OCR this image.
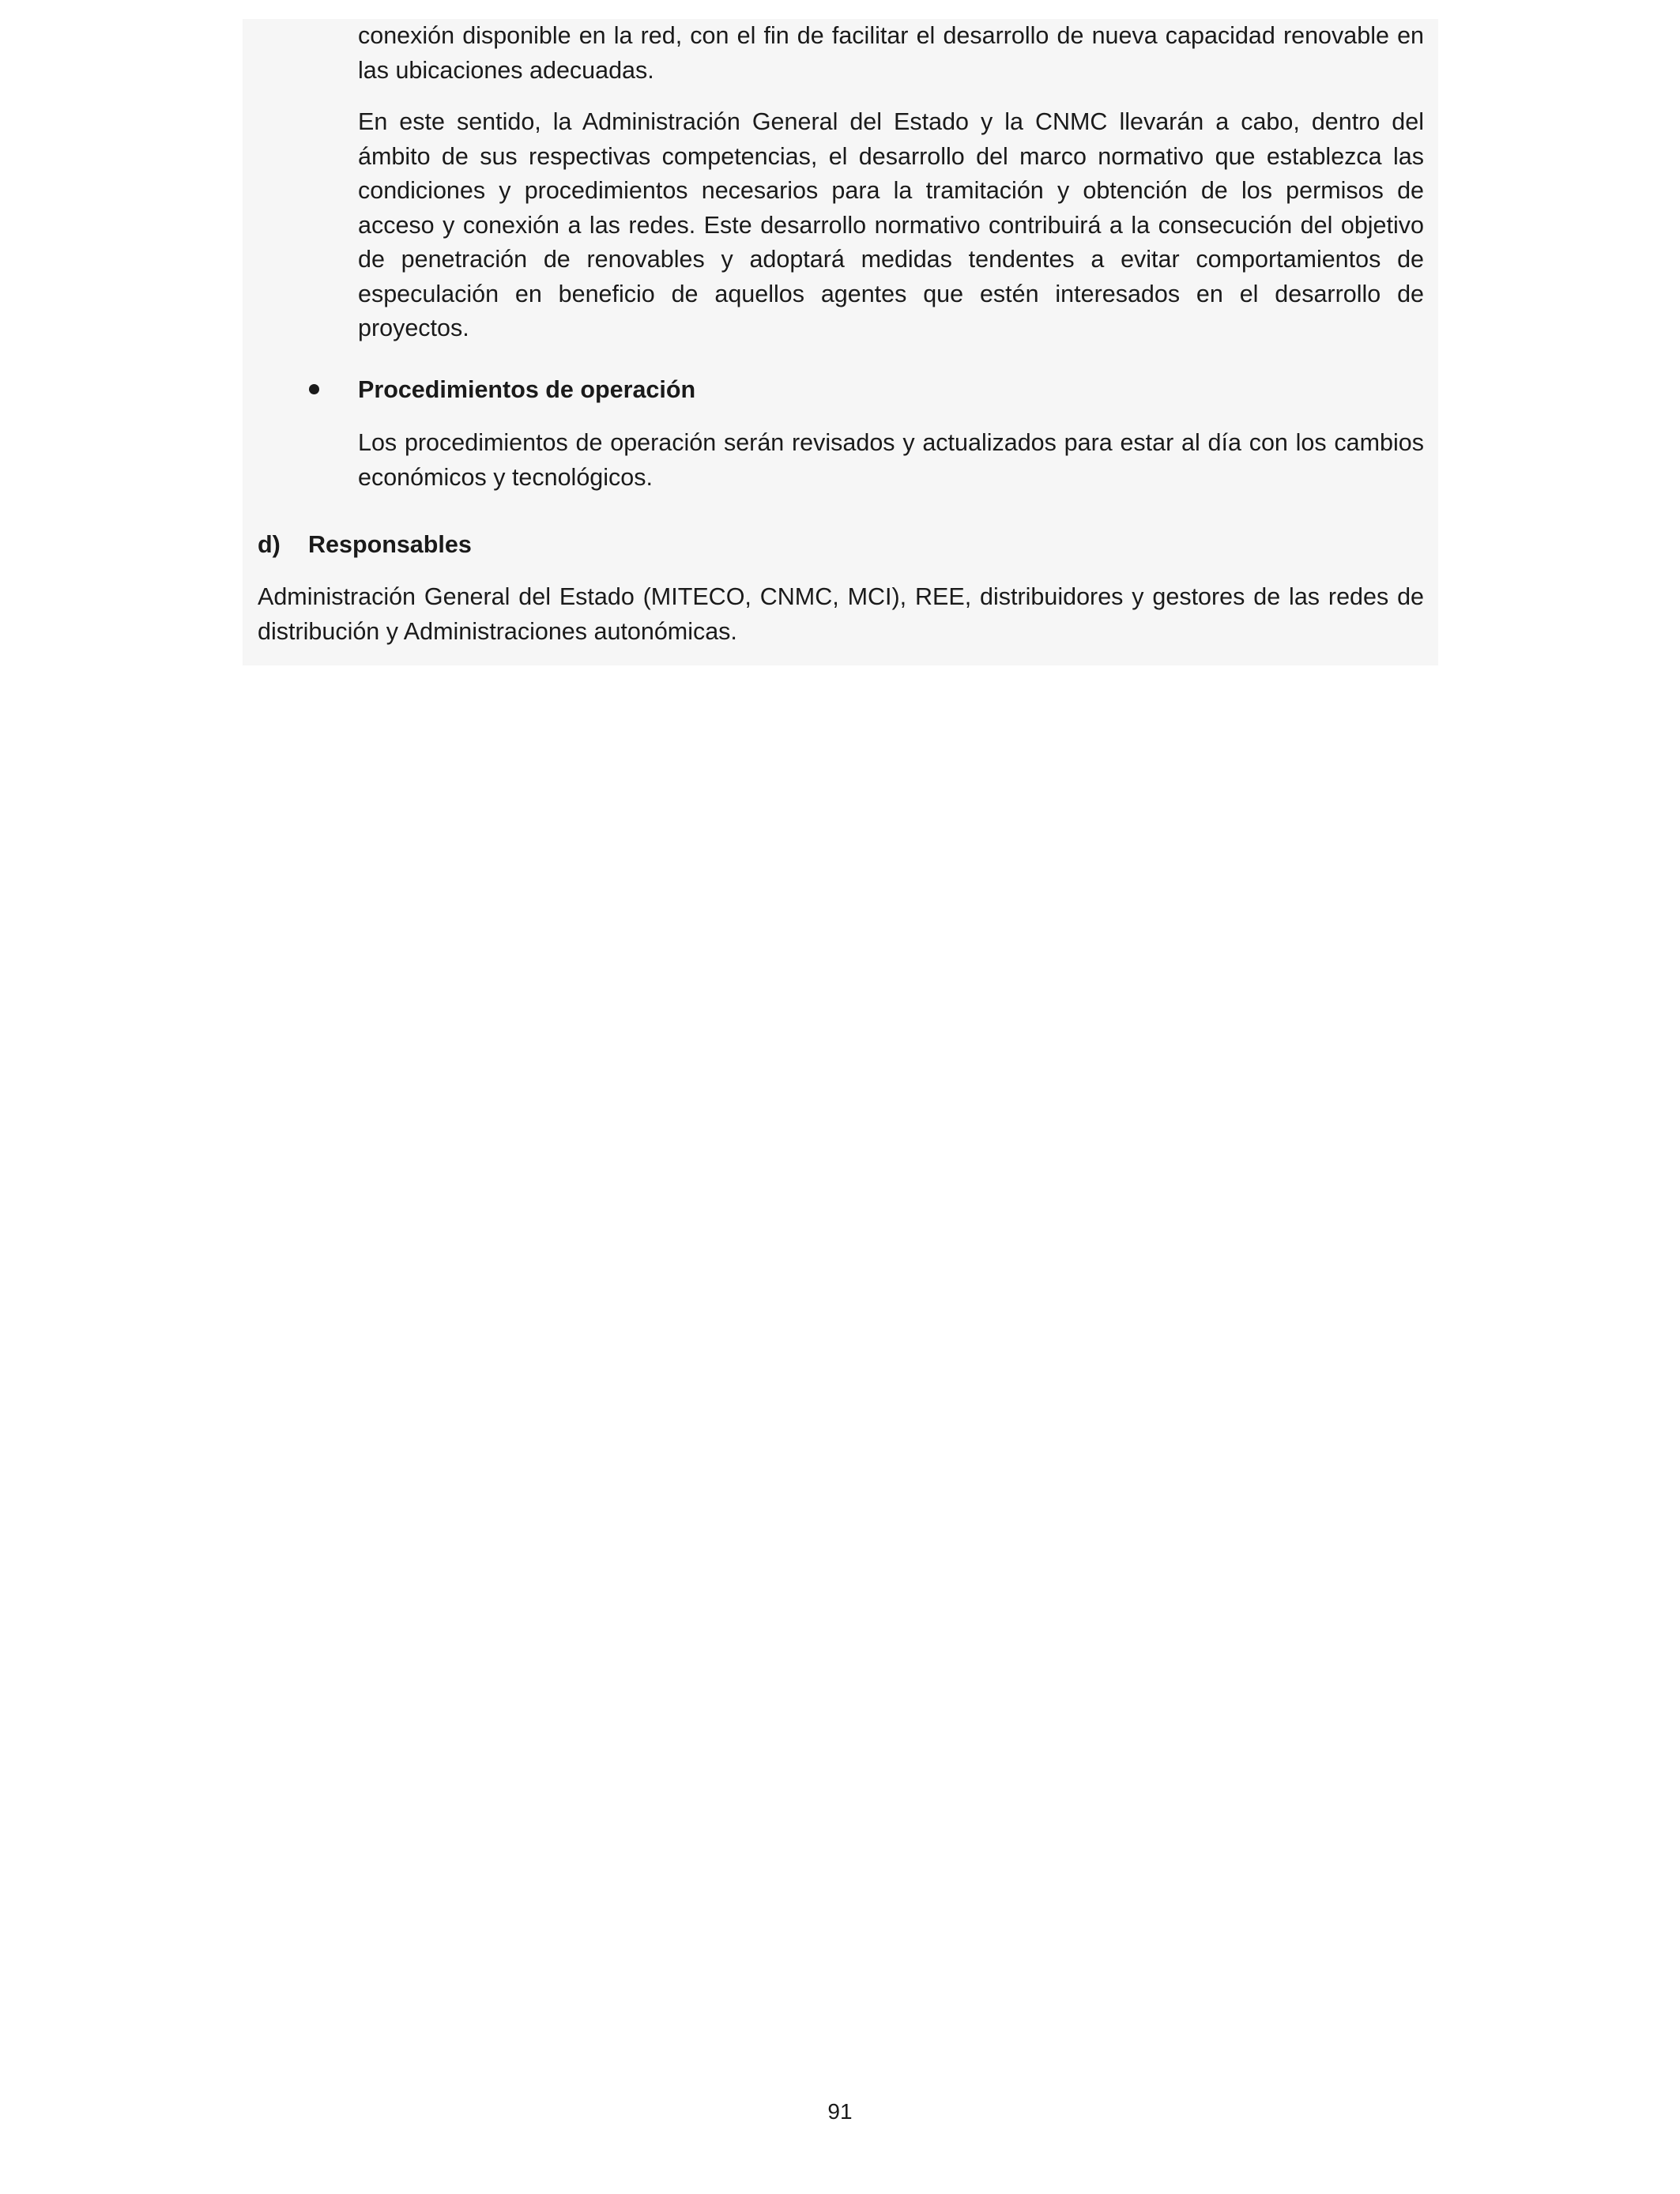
conexión disponible en la red, con el fin de facilitar el desarrollo de nueva capacidad renovable en las ubicaciones adecuadas.

En este sentido, la Administración General del Estado y la CNMC llevarán a cabo, dentro del ámbito de sus respectivas competencias, el desarrollo del marco normativo que establezca las condiciones y procedimientos necesarios para la tramitación y obtención de los permisos de acceso y conexión a las redes. Este desarrollo normativo contribuirá a la consecución del objetivo de penetración de renovables y adoptará medidas tendentes a evitar comportamientos de especulación en beneficio de aquellos agentes que estén interesados en el desarrollo de proyectos.

Procedimientos de operación

Los procedimientos de operación serán revisados y actualizados para estar al día con los cambios económicos y tecnológicos.

d) Responsables

Administración General del Estado (MITECO, CNMC, MCI), REE, distribuidores y gestores de las redes de distribución y Administraciones autonómicas.

91
